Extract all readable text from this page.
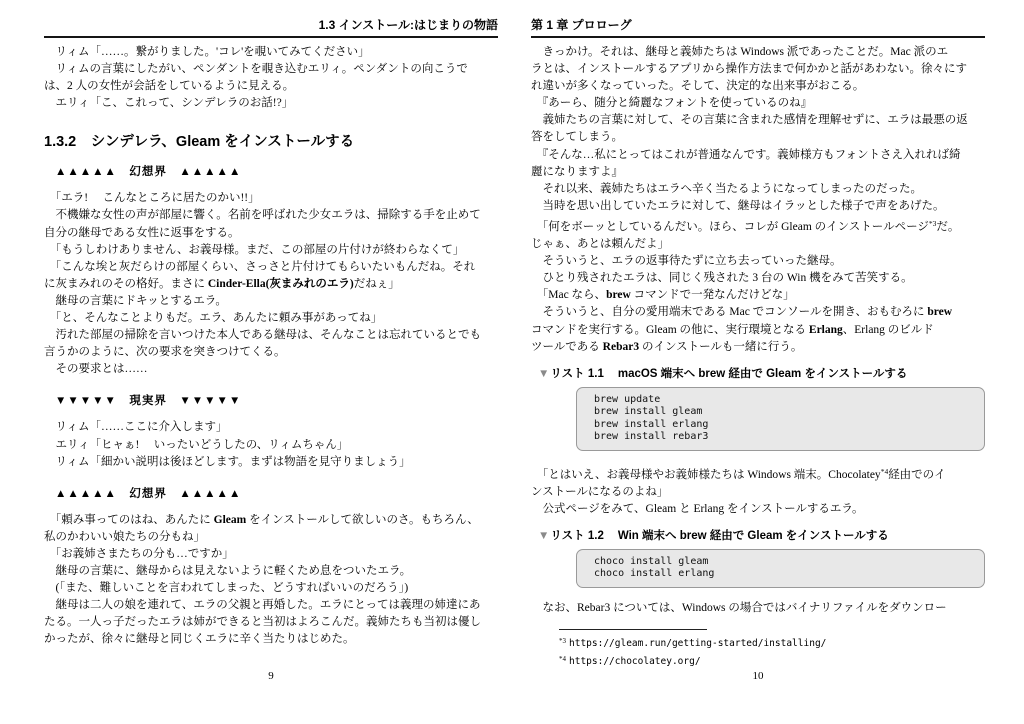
1.3 インストール:はじまりの物語
　リィム「……。繋がりました。'コレ'を覗いてみてください」
　リィムの言葉にしたがい、ペンダントを覗き込むエリィ。ペンダントの向こうで
は、2 人の女性が会話をしているように見える。
　エリィ「こ、これって、シンデレラのお話!?」
1.3.2　シンデレラ、Gleam をインストールする
▲▲▲▲▲　幻想界　▲▲▲▲▲
　「エラ!　 こんなところに居たのかい!!」
　不機嫌な女性の声が部屋に響く。名前を呼ばれた少女エラは、掃除する手を止めて
自分の継母である女性に返事をする。
　「もうしわけありません、お義母様。まだ、この部屋の片付けが終わらなくて」
　「こんな埃と灰だらけの部屋くらい、さっさと片付けてもらいたいもんだね。それ
に灰まみれのその格好。まさに Cinder-Ella(灰まみれのエラ)だねぇ」
　継母の言葉にドキッとするエラ。
　「と、そんなことよりもだ。エラ、あんたに頼み事があってね」
　汚れた部屋の掃除を言いつけた本人である継母は、そんなことは忘れているとでも
言うかのように、次の要求を突きつけてくる。
　その要求とは……
▼▼▼▼▼　現実界　▼▼▼▼▼
　リィム「……ここに介入します」
　エリィ「ヒャぁ!　 いったいどうしたの、リィムちゃん」
　リィム「細かい説明は後ほどします。まずは物語を見守りましょう」
▲▲▲▲▲　幻想界　▲▲▲▲▲
　「頼み事ってのはね、あんたに Gleam をインストールして欲しいのさ。もちろん、
私のかわいい娘たちの分もね」
　「お義姉さまたちの分も…ですか」
　継母の言葉に、継母からは見えないように軽くため息をついたエラ。
　(「また、難しいことを言われてしまった、どうすればいいのだろう」)
　継母は二人の娘を連れて、エラの父親と再婚した。エラにとっては義理の姉達にあ
たる。一人っ子だったエラは姉ができると当初はよろこんだ。義姉たちも当初は優し
かったが、徐々に継母と同じくエラに辛く当たりはじめた。
9
第 1 章 プロローグ
　きっかけ。それは、継母と義姉たちは Windows 派であったことだ。Mac 派のエ
ラとは、インストールするアプリから操作方法まで何かかと話があわない。徐々にす
れ違いが多くなっていった。そして、決定的な出来事がおこる。
　『あーら、随分と綺麗なフォントを使っているのね』
　義姉たちの言葉に対して、その言葉に含まれた感情を理解せずに、エラは最悪の返
答をしてしまう。
　『そんな…私にとってはこれが普通なんです。義姉様方もフォントさえ入れれば綺
麗になりますよ』
　それ以来、義姉たちはエラへ辛く当たるようになってしまったのだった。
　当時を思い出していたエラに対して、継母はイラッとした様子で声をあげた。
　「何をボーッとしているんだい。ほら、コレが Gleam のインストールページ$^{*3}$だ。
じゃぁ、あとは頼んだよ」
　そういうと、エラの返事待たずに立ち去っていった継母。
　ひとり残されたエラは、同じく残された 3 台の Win 機をみて苦笑する。
　「Mac なら、brew コマンドで一発なんだけどな」
　そういうと、自分の愛用端末である Mac でコンソールを開き、おもむろに brew
コマンドを実行する。Gleam の他に、実行環境となる Erlang、Erlang のビルド
ツールである Rebar3 のインストールも一緒に行う。
▼リスト 1.1 macOS 端末へ brew 経由で Gleam をインストールする
brew update
brew install gleam
brew install erlang
brew install rebar3
　「とはいえ、お義母様やお義姉様たちは Windows 端末。Chocolatey$^{*4}$経由でのイ
ンストールになるのよね」
　公式ページをみて、Gleam と Erlang をインストールするエラ。
▼リスト 1.2 Win 端末へ brew 経由で Gleam をインストールする
choco install gleam
choco install erlang
　なお、Rebar3 については、Windows の場合ではバイナリファイルをダウンロー
$^{*3}$ https://gleam.run/getting-started/installing/
$^{*4}$ https://chocolatey.org/
10
